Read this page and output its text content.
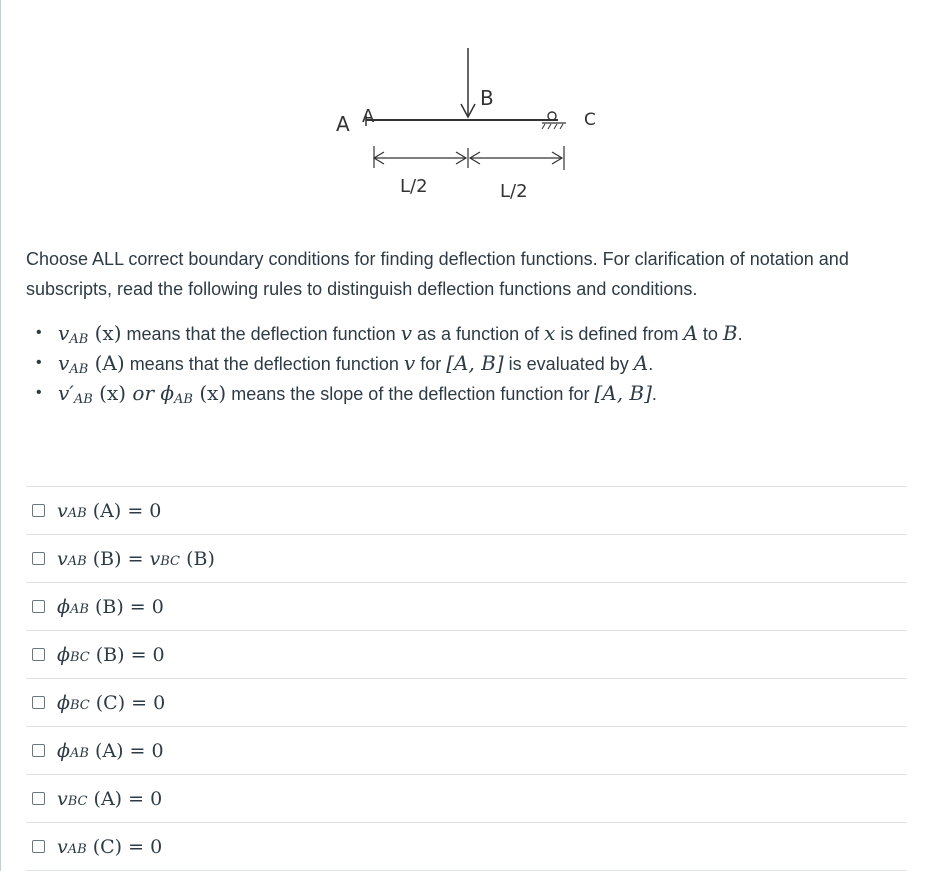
A A
B
C
L/2	L/2
Choose ALL correct boundary conditions for finding deflection functions. For clarification of notation and subscripts, read the following rules to distinguish deflection functions and conditions.
• $v_{AB}$ (x) means that the deflection function v as a function of x is defined from A to B.
• $v_{AB}$ (A) means that the deflection function v for [A, B] is evaluated by A.
• $v'_{AB}$ (x) or $\phi_{AB}$ (x) means the slope of the deflection function for [A, B].
vAB (A) = 0
vAB (B) = vBC (B)
ϕAB (B) = 0
ϕBC (B) = 0
ϕBC (C) = 0
ϕAB (A) = 0
vBC (A) = 0
vAB (C) = 0
